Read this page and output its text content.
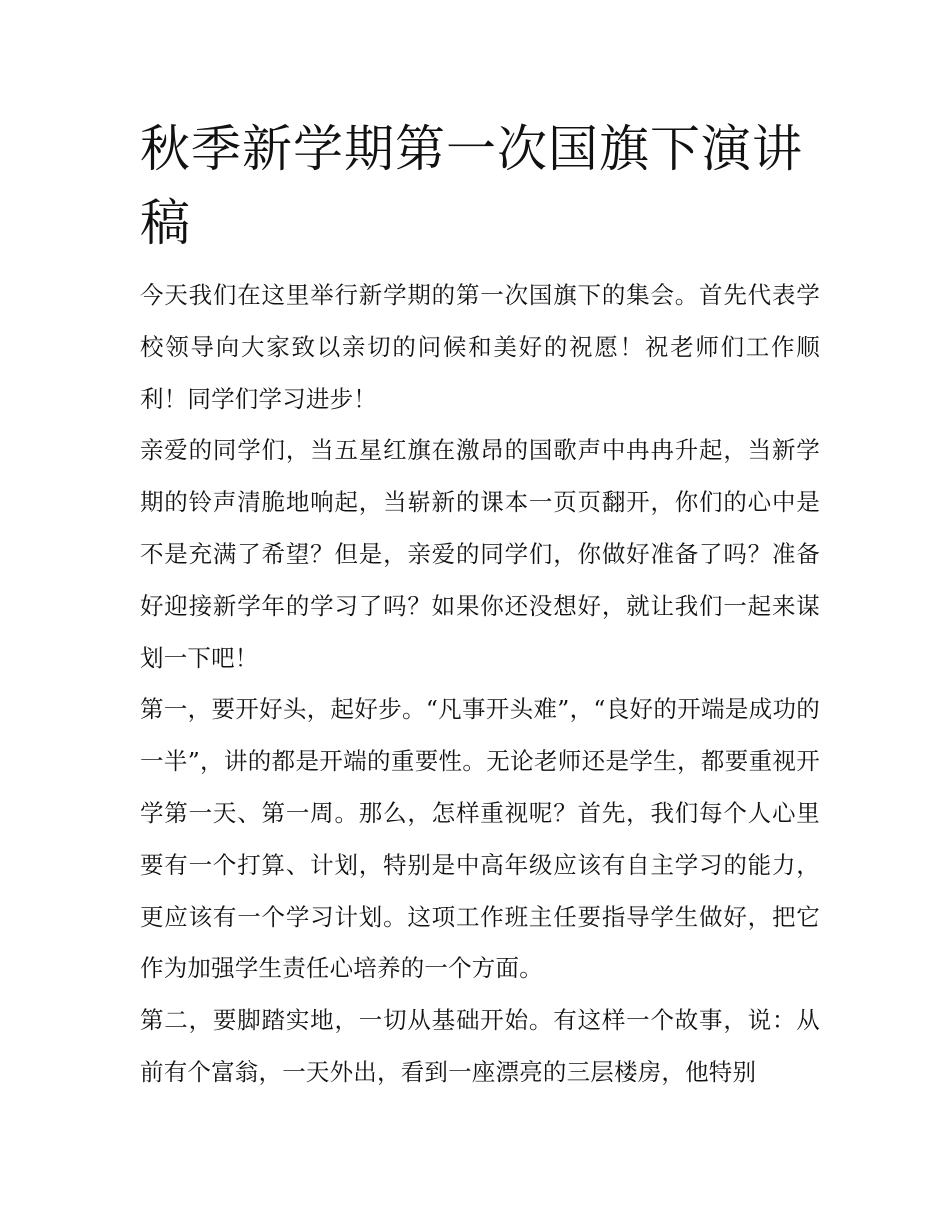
秋季新学期第一次国旗下演讲稿

今天我们在这里举行新学期的第一次国旗下的集会。首先代表学校领导向大家致以亲切的问候和美好的祝愿！祝老师们工作顺利！同学们学习进步！

亲爱的同学们，当五星红旗在激昂的国歌声中冉冉升起，当新学期的铃声清脆地响起，当崭新的课本一页页翻开，你们的心中是不是充满了希望？但是，亲爱的同学们，你做好准备了吗？准备好迎接新学年的学习了吗？如果你还没想好，就让我们一起来谋划一下吧！

第一，要开好头，起好步。“凡事开头难”，“良好的开端是成功的一半”，讲的都是开端的重要性。无论老师还是学生，都要重视开学第一天、第一周。那么，怎样重视呢？首先，我们每个人心里要有一个打算、计划，特别是中高年级应该有自主学习的能力，更应该有一个学习计划。这项工作班主任要指导学生做好，把它作为加强学生责任心培养的一个方面。

第二，要脚踏实地，一切从基础开始。有这样一个故事，说：从前有个富翁，一天外出，看到一座漂亮的三层楼房，他特别
